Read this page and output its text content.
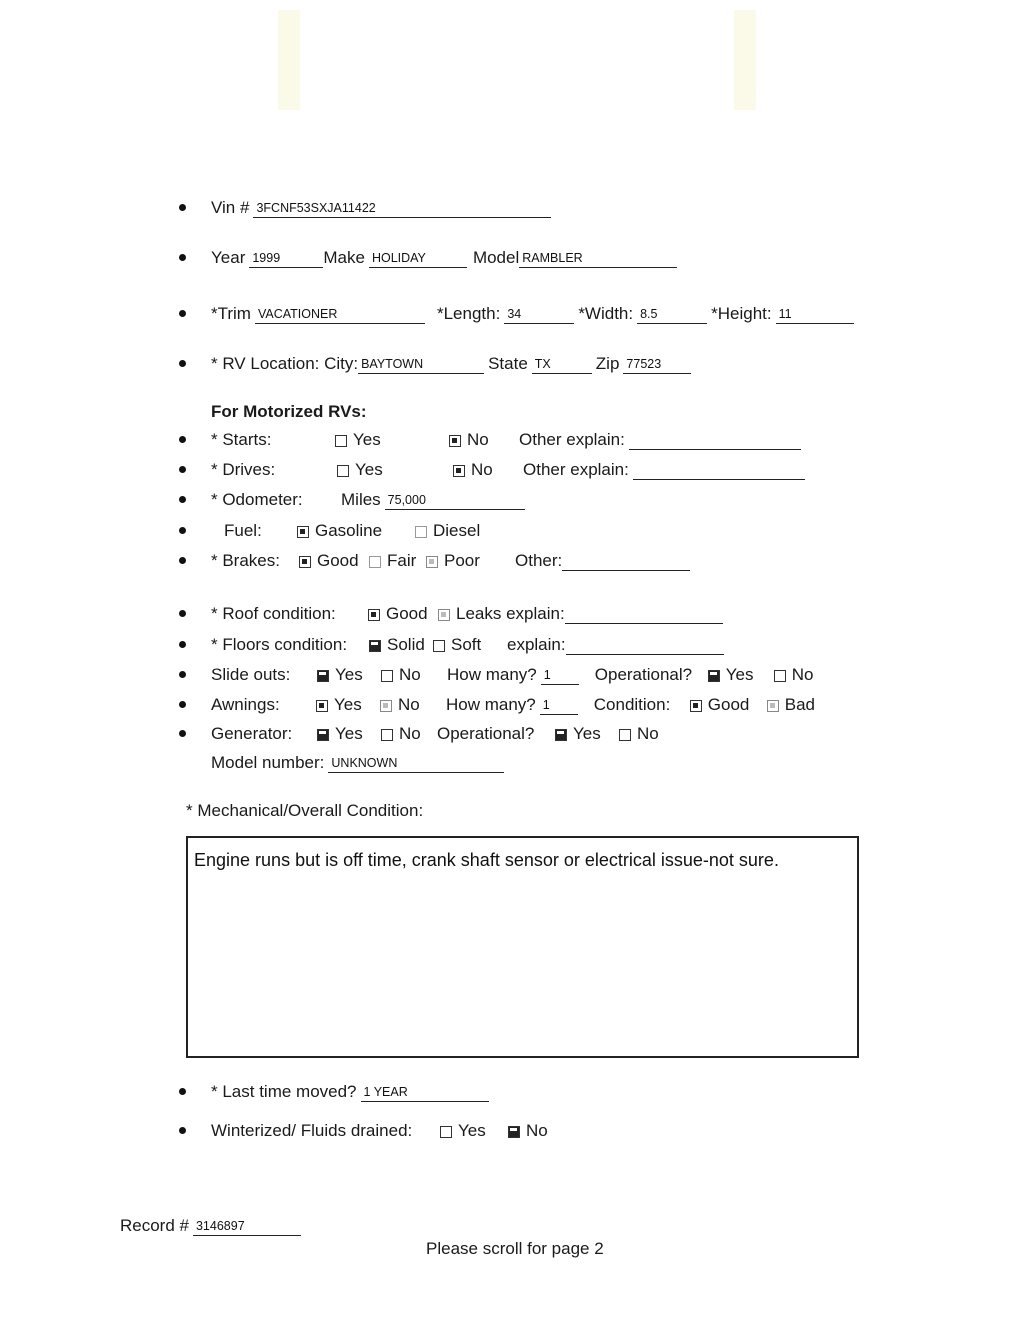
Vin # 3FCNF53SXJA11422
Year 1999	Make HOLIDAY	Model RAMBLER
*Trim VACATIONER	*Length: 34	*Width: 8.5	*Height: 11
* RV Location: City: BAYTOWN	State TX	Zip 77523
For Motorized RVs:
* Starts:	Yes	No	Other explain:
* Drives:	Yes	No	Other explain:
* Odometer:	Miles 75,000
Fuel:	Gasoline	Diesel
* Brakes:	Good	Fair	Poor	Other:
* Roof condition:	Good	Leaks explain:
* Floors condition:	Solid	Soft	explain:
Slide outs:	Yes	No	How many? 1	Operational?	Yes	No
Awnings:	Yes	No	How many? 1	Condition:	Good	Bad
Generator:	Yes	No Operational?	Yes	No
Model number: UNKNOWN
* Mechanical/Overall Condition:
Engine runs but is off time, crank shaft sensor or electrical issue-not sure.
* Last time moved? 1 YEAR
Winterized/ Fluids drained:	Yes	No
Record # 3146897
Please scroll for page 2
